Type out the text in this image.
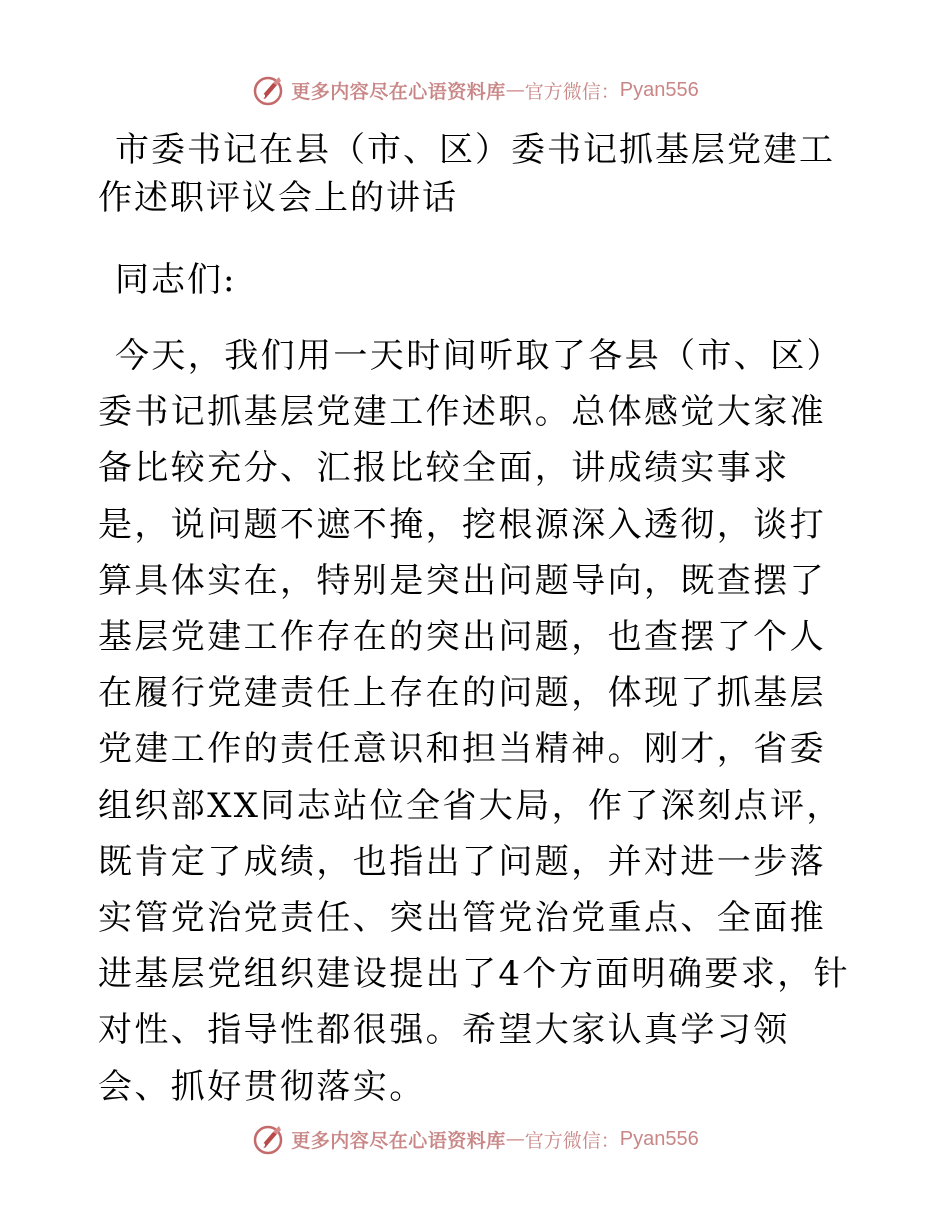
更多内容尽在心语资料库 — 官方微信： Pyan556

市委书记在县（市、区）委书记抓基层党建工作述职评议会上的讲话

同志们:

今天，我们用一天时间听取了各县（市、区）委书记抓基层党建工作述职。总体感觉大家准备比较充分、汇报比较全面，讲成绩实事求是，说问题不遮不掩，挖根源深入透彻，谈打算具体实在，特别是突出问题导向，既查摆了基层党建工作存在的突出问题，也查摆了个人在履行党建责任上存在的问题，体现了抓基层党建工作的责任意识和担当精神。刚才，省委组织部XX同志站位全省大局，作了深刻点评，既肯定了成绩，也指出了问题，并对进一步落实管党治党责任、突出管党治党重点、全面推进基层党组织建设提出了4个方面明确要求，针对性、指导性都很强。希望大家认真学习领会、抓好贯彻落实。

更多内容尽在心语资料库 — 官方微信： Pyan556
